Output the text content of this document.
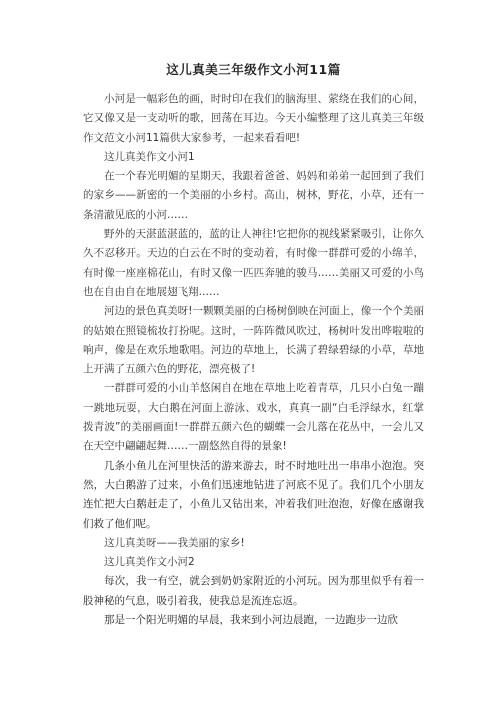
这儿真美三年级作文小河11篇

小河是一幅彩色的画，时时印在我们的脑海里、萦绕在我们的心间，它又像又是一支动听的歌，回荡在耳边。今天小编整理了这儿真美三年级作文范文小河11篇供大家参考，一起来看看吧!

这儿真美作文小河1

在一个春光明媚的星期天，我跟着爸爸、妈妈和弟弟一起回到了我们的家乡——新密的一个美丽的小乡村。高山，树林，野花，小草，还有一条清澈见底的小河……

野外的天湛蓝湛蓝的，蓝的让人神往!它把你的视线紧紧吸引，让你久久不忍移开。天边的白云在不时的变动着，有时像一群群可爱的小绵羊，有时像一座座棉花山，有时又像一匹匹奔驰的骏马……美丽又可爱的小鸟也在自由自在地展翅飞翔……

河边的景色真美呀!一颗颗美丽的白杨树倒映在河面上，像一个个美丽的姑娘在照镜梳妆打扮呢。这时，一阵阵微风吹过，杨树叶发出哗啦啦的响声，像是在欢乐地歌唱。河边的草地上，长满了碧绿碧绿的小草，草地上开满了五颜六色的野花，漂亮极了!

一群群可爱的小山羊悠闲自在地在草地上吃着青草，几只小白兔一蹦一跳地玩耍，大白鹅在河面上游泳、戏水，真真一副“白毛浮绿水，红掌拨青波”的美丽画面!一群群五颜六色的蝴蝶一会儿落在花丛中，一会儿又在天空中翩翩起舞……一副悠然自得的景象!

几条小鱼儿在河里快活的游来游去，时不时地吐出一串串小泡泡。突然，大白鹅游了过来，小鱼们迅速地钻进了河底不见了。我们几个小朋友连忙把大白鹅赶走了，小鱼儿又钻出来，冲着我们吐泡泡，好像在感谢我们救了他们呢。

这儿真美呀——我美丽的家乡!

这儿真美作文小河2

每次，我一有空，就会到奶奶家附近的小河玩。因为那里似乎有着一股神秘的气息，吸引着我，使我总是流连忘返。

那是一个阳光明媚的早晨，我来到小河边晨跑，一边跑步一边欣
